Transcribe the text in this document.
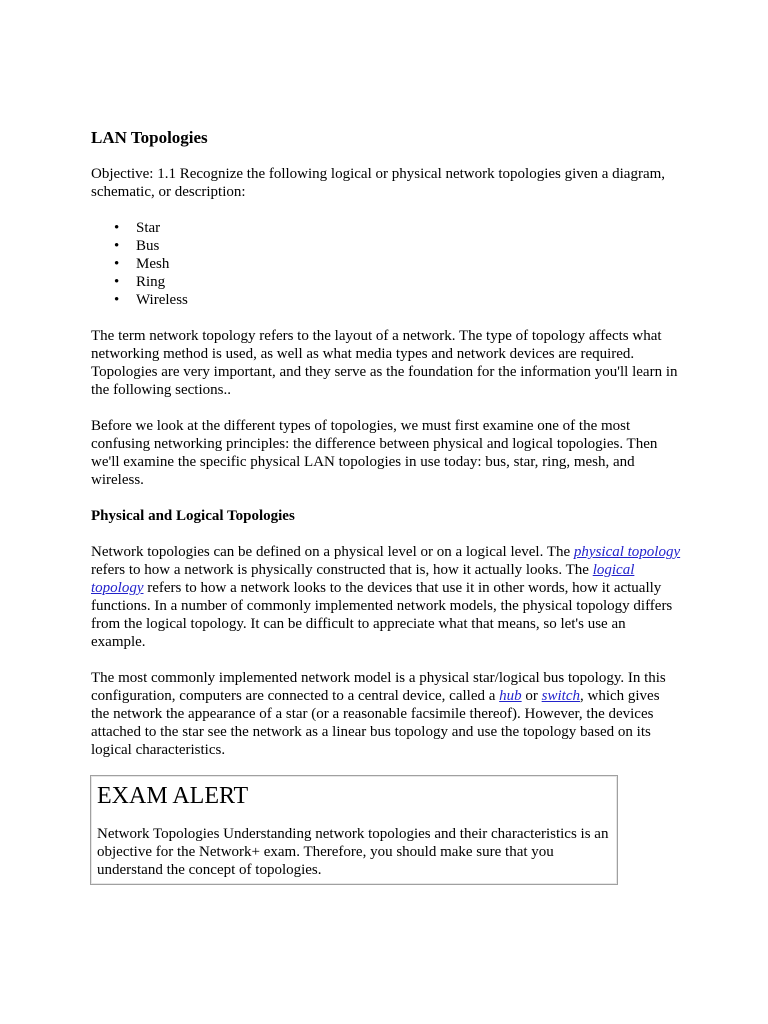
LAN Topologies

Objective: 1.1 Recognize the following logical or physical network topologies given a diagram, schematic, or description:

• Star
• Bus
• Mesh
• Ring
• Wireless

The term network topology refers to the layout of a network. The type of topology affects what networking method is used, as well as what media types and network devices are required. Topologies are very important, and they serve as the foundation for the information you'll learn in the following sections..

Before we look at the different types of topologies, we must first examine one of the most confusing networking principles: the difference between physical and logical topologies. Then we'll examine the specific physical LAN topologies in use today: bus, star, ring, mesh, and wireless.

Physical and Logical Topologies

Network topologies can be defined on a physical level or on a logical level. The physical topology refers to how a network is physically constructed that is, how it actually looks. The logical topology refers to how a network looks to the devices that use it in other words, how it actually functions. In a number of commonly implemented network models, the physical topology differs from the logical topology. It can be difficult to appreciate what that means, so let's use an example.

The most commonly implemented network model is a physical star/logical bus topology. In this configuration, computers are connected to a central device, called a hub or switch, which gives the network the appearance of a star (or a reasonable facsimile thereof). However, the devices attached to the star see the network as a linear bus topology and use the topology based on its logical characteristics.

EXAM ALERT

Network Topologies Understanding network topologies and their characteristics is an objective for the Network+ exam. Therefore, you should make sure that you understand the concept of topologies.
